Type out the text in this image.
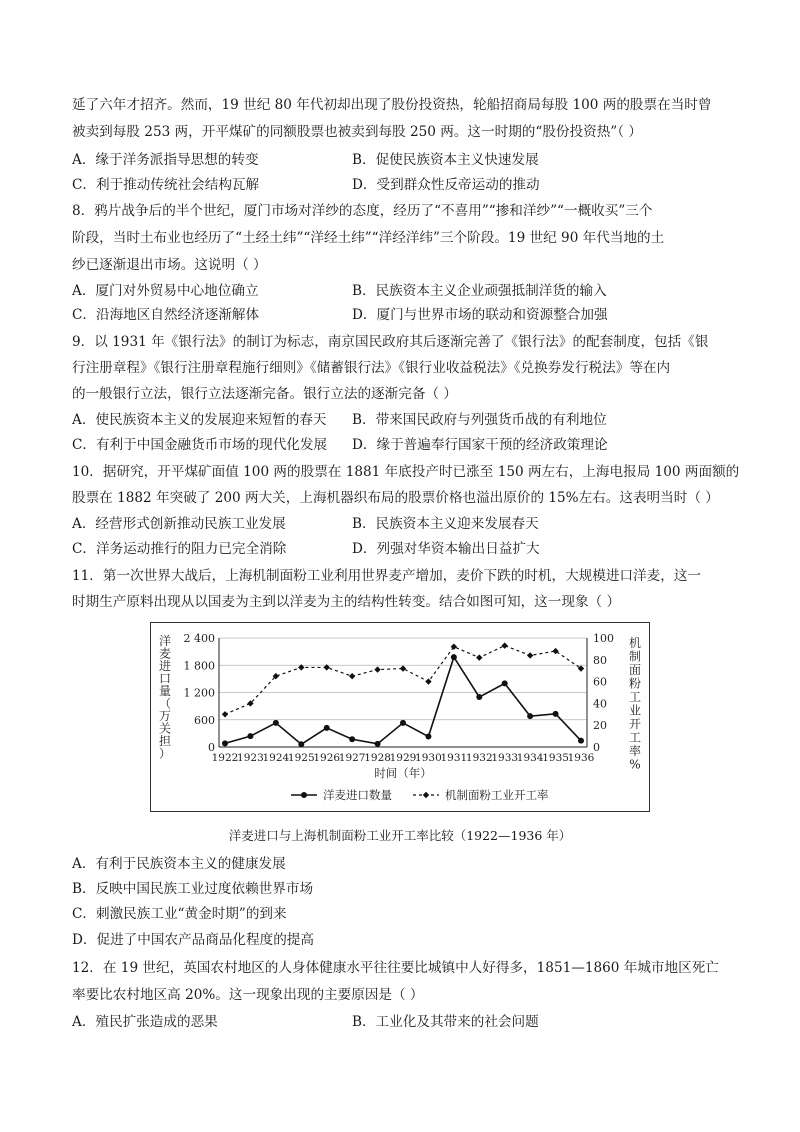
延了六年才招齐。然而，19 世纪 80 年代初却出现了股份投资热，轮船招商局每股 100 两的股票在当时曾
被卖到每股 253 两，开平煤矿的同额股票也被卖到每股 250 两。这一时期的“股份投资热”（ ）
A．缘于洋务派指导思想的转变	B．促使民族资本主义快速发展
C．利于推动传统社会结构瓦解	D．受到群众性反帝运动的推动
8．鸦片战争后的半个世纪，厦门市场对洋纱的态度，经历了“不喜用”“掺和洋纱”“一概收买”三个
阶段，当时土布业也经历了“土经土纬”“洋经土纬”“洋经洋纬”三个阶段。19 世纪 90 年代当地的土
纱已逐渐退出市场。这说明（ ）
A．厦门对外贸易中心地位确立	B．民族资本主义企业顽强抵制洋货的输入
C．沿海地区自然经济逐渐解体	D．厦门与世界市场的联动和资源整合加强
9．以 1931 年《银行法》的制订为标志，南京国民政府其后逐渐完善了《银行法》的配套制度，包括《银
行注册章程》《银行注册章程施行细则》《储蓄银行法》《银行业收益税法》《兑换券发行税法》等在内
的一般银行立法，银行立法逐渐完备。银行立法的逐渐完备（ ）
A．使民族资本主义的发展迎来短暂的春天 B．带来国民政府与列强货币战的有利地位
C．有利于中国金融货币市场的现代化发展 D．缘于普遍奉行国家干预的经济政策理论
10．据研究，开平煤矿面值 100 两的股票在 1881 年底投产时已涨至 150 两左右，上海电报局 100 两面额的
股票在 1882 年突破了 200 两大关，上海机器织布局的股票价格也溢出原价的 15%左右。这表明当时（ ）
A．经营形式创新推动民族工业发展	B．民族资本主义迎来发展春天
C．洋务运动推行的阻力已完全消除	D．列强对华资本输出日益扩大
11．第一次世界大战后，上海机制面粉工业利用世界麦产增加，麦价下跌的时机，大规模进口洋麦，这一
时期生产原料出现从以国麦为主到以洋麦为主的结构性转变。结合如图可知，这一现象（ ）
0
600
1 200
1 800
2 400
0
20
40
60
80
100
1922
1923
1924
1925
1926
1927
1928
1929
1930
1931
1932
1933
1934
1935
1936
洋麦进口量（万关担）
机制面粉工业开工率%
时间（年）
洋麦进口数量	机制面粉工业开工率
洋麦进口与上海机制面粉工业开工率比较（1922—1936 年）
A．有利于民族资本主义的健康发展
B．反映中国民族工业过度依赖世界市场
C．刺激民族工业“黄金时期”的到来
D．促进了中国农产品商品化程度的提高
12．在 19 世纪，英国农村地区的人身体健康水平往往要比城镇中人好得多，1851—1860 年城市地区死亡
率要比农村地区高 20%。这一现象出现的主要原因是（ ）
A．殖民扩张造成的恶果	B．工业化及其带来的社会问题
